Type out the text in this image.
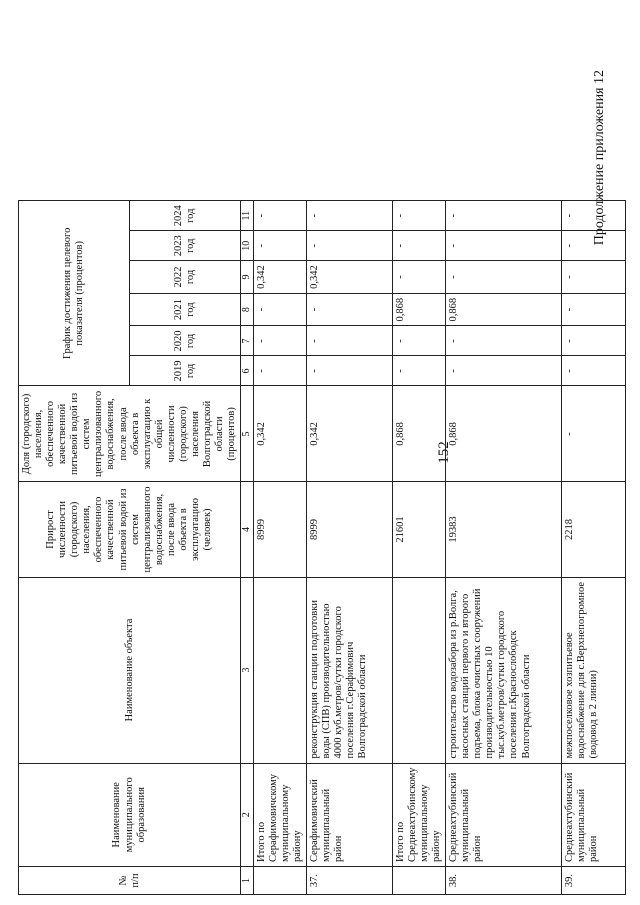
152
Продолжение приложения 12
№ п/п	Наименование муниципального образования	Наименование объекта	Прирост численности (городского) населения, обеспеченного качественной питьевой водой из систем централизованного водоснабжения, после ввода объекта в эксплуатацию (человек)	Доля (городского) населения, обеспеченного качественной питьевой водой из систем централизованного водоснабжения, после ввода объекта в эксплуатацию к общей численности (городского) населения Волгоградской области (процентов)	График достижения целевого показателя (процентов)					
					2019 год	2020 год	2021 год	2022 год	2023 год	2024 год
1	2	3	4	5	6	7	8	9	10	11
	Итого по Серафимовичскому муниципальному району		8999	0,342	-	-	-	0,342	-	-
37.	Серафимовичский муниципальный район	реконструкция станции подготовки воды (СПВ) производительностью 4000 куб.метров/сутки городского поселения г.Серафимович Волгоградской области	8999	0,342	-	-	-	0,342	-	-
	Итого по Среднеахтубинскому муниципальному району		21601	0,868	-	-	0,868	-	-	-
38.	Среднеахтубинский муниципальный район	строительство водозабора из р.Волга, насосных станций первого и второго подъема, блока очистных сооружений производительностью 10 тыс.куб.метров/сутки городского поселения г.Краснослободск Волгоградской области	19383	0,868	-	-	0,868	-	-	-
39.	Среднеахтубинский муниципальный район	межпоселковое хозпитьевое водоснабжение для с.Верхнепогромное (водовод в 2 линии)	2218	-	-	-	-	-	-	-
